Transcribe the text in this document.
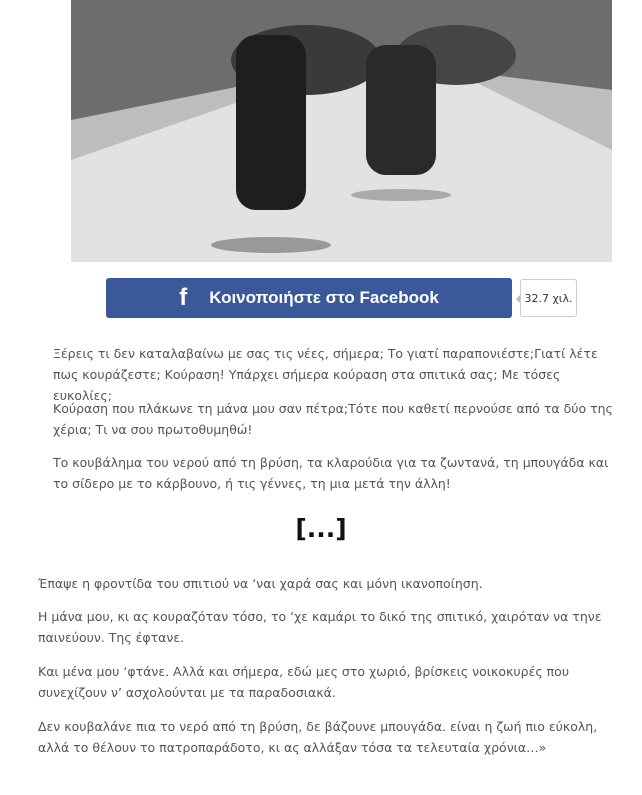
f Κοινοποιήστε στο Facebook	32.7 χιλ.

Ξέρεις τι δεν καταλαβαίνω με σας τις νέες, σήμερα; Το γιατί παραπονιέστε;Γιατί λέτε πως κουράζεστε; Κούραση! Υπάρχει σήμερα κούραση στα σπιτικά σας; Με τόσες ευκολίες;

Κούραση που πλάκωνε τη μάνα μου σαν πέτρα;Τότε που καθετί περνούσε από τα δύο της χέρια; Τι να σου πρωτοθυμηθώ!

Το κουβάλημα του νερού από τη βρύση, τα κλαρούδια για τα ζωντανά, τη μπουγάδα και το σίδερο με το κάρβουνο, ή τις γέννες, τη μια μετά την άλλη!

[...]

Έπαψε η φροντίδα του σπιτιού να ‘ναι χαρά σας και μόνη ικανοποίηση.

Η μάνα μου, κι ας κουραζόταν τόσο, το ‘χε καμάρι το δικό της σπιτικό, χαιρόταν να τηνε παινεύουν. Της έφτανε.

Και μένα μου ‘φτάνε. Αλλά και σήμερα, εδώ μες στο χωριό, βρίσκεις νοικοκυρές που συνεχίζουν ν’ ασχολούνται με τα παραδοσιακά.

Δεν κουβαλάνε πια το νερό από τη βρύση, δε βάζουνε μπουγάδα. είναι η ζωή πιο εύκολη, αλλά το θέλουν το πατροπαράδοτο, κι ας αλλάξαν τόσα τα τελευταία χρόνια…»
